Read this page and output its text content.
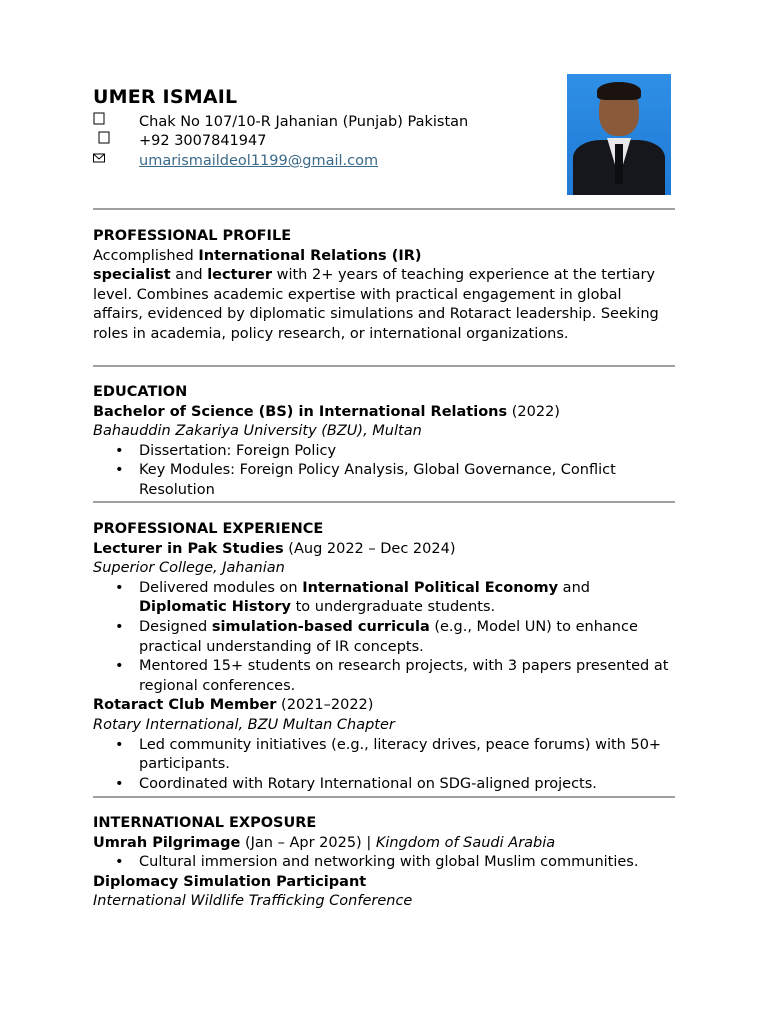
UMER ISMAIL
Chak No 107/10-R Jahanian (Punjab) Pakistan
+92 3007841947
umarismaildeol1199@gmail.com
PROFESSIONAL PROFILE

Accomplished International Relations (IR)
specialist and lecturer with 2+ years of teaching experience at the tertiary level. Combines academic expertise with practical engagement in global affairs, evidenced by diplomatic simulations and Rotaract leadership. Seeking roles in academia, policy research, or international organizations.

EDUCATION
Bachelor of Science (BS) in International Relations (2022)
Bahauddin Zakariya University (BZU), Multan
• Dissertation: Foreign Policy
• Key Modules: Foreign Policy Analysis, Global Governance, Conflict Resolution
PROFESSIONAL EXPERIENCE
Lecturer in Pak Studies (Aug 2022 – Dec 2024)
Superior College, Jahanian
• Delivered modules on International Political Economy and Diplomatic History to undergraduate students.
• Designed simulation-based curricula (e.g., Model UN) to enhance practical understanding of IR concepts.
• Mentored 15+ students on research projects, with 3 papers presented at regional conferences.
Rotaract Club Member (2021–2022)
Rotary International, BZU Multan Chapter
• Led community initiatives (e.g., literacy drives, peace forums) with 50+ participants.
• Coordinated with Rotary International on SDG-aligned projects.
INTERNATIONAL EXPOSURE
Umrah Pilgrimage (Jan – Apr 2025) | Kingdom of Saudi Arabia
• Cultural immersion and networking with global Muslim communities.
Diplomacy Simulation Participant
International Wildlife Trafficking Conference
